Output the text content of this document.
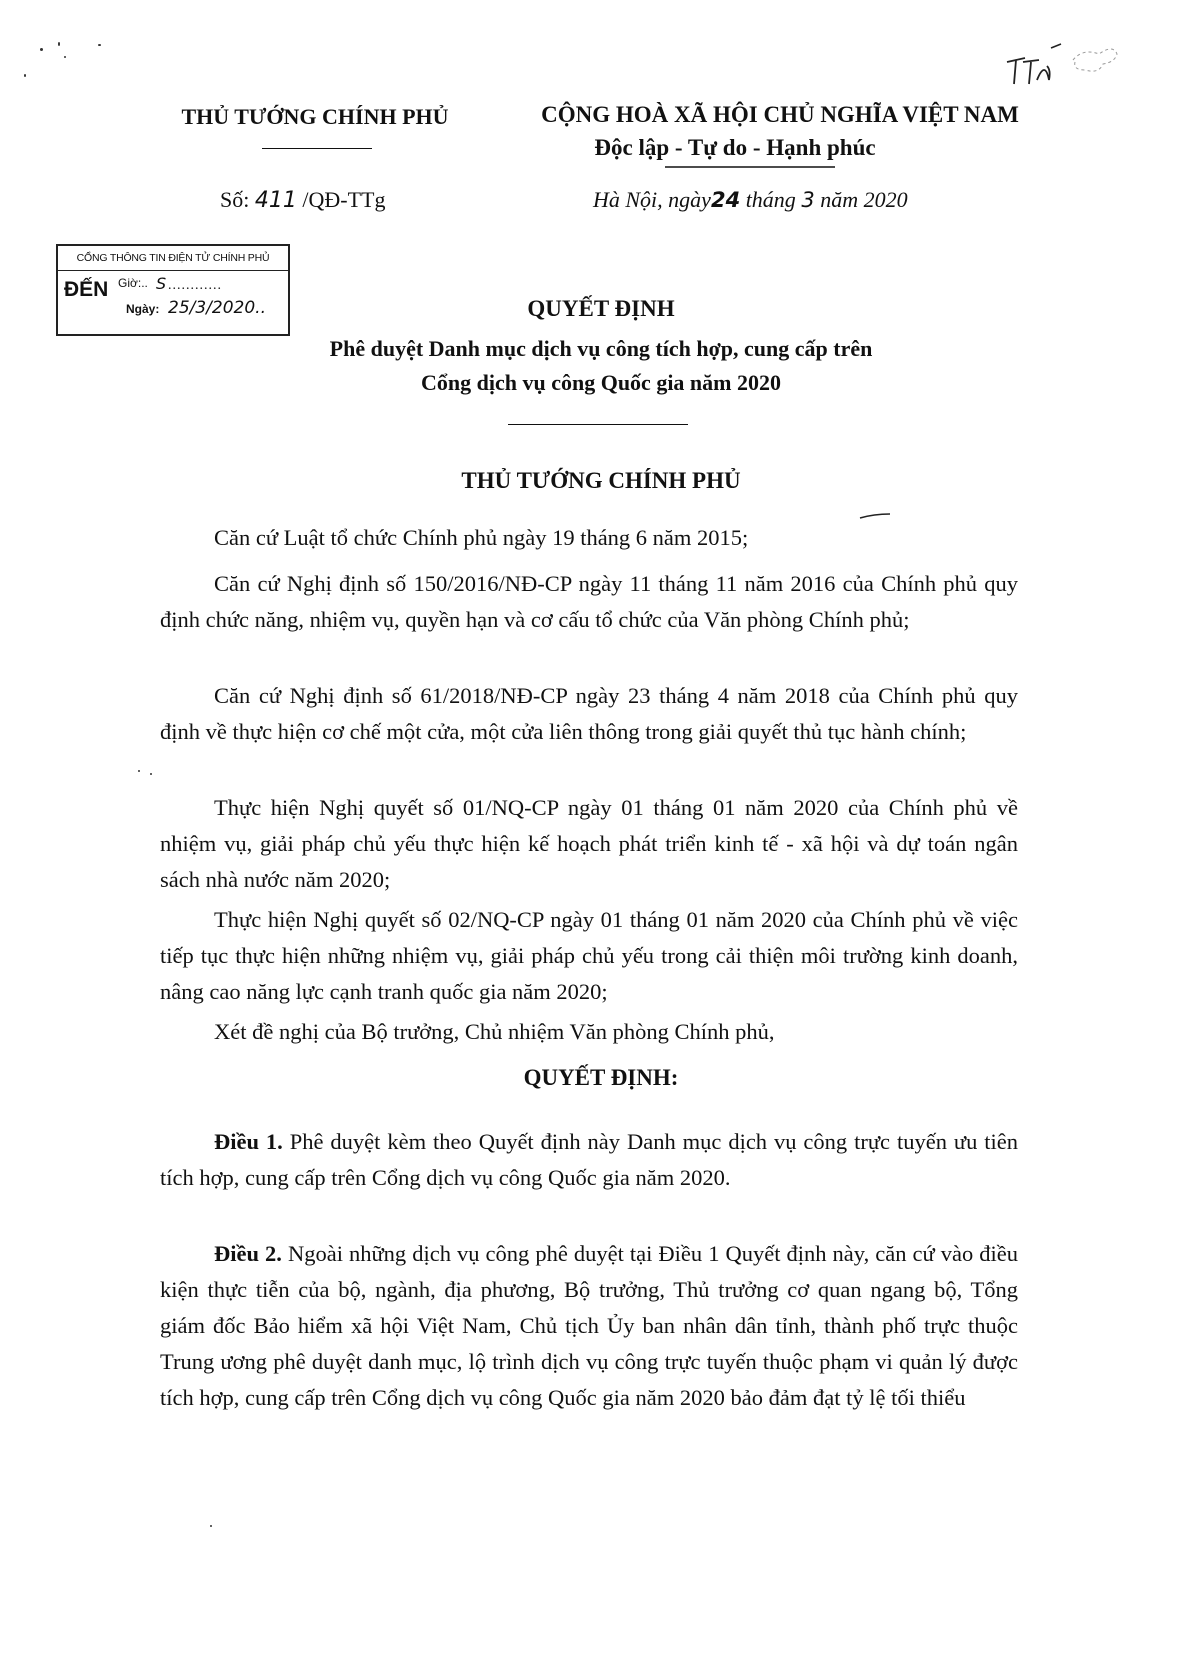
THỦ TƯỚNG CHÍNH PHỦ	CỘNG HOÀ XÃ HỘI CHỦ NGHĨA VIỆT NAM
Độc lập - Tự do - Hạnh phúc
Số: 411 /QĐ-TTg	Hà Nội, ngày24 tháng 3 năm 2020
CỔNG THÔNG TIN ĐIỆN TỬ CHÍNH PHỦ
ĐẾN Giờ:.. S ............
Ngày: 25/3/2020..	QUYẾT ĐỊNH
Phê duyệt Danh mục dịch vụ công tích hợp, cung cấp trên
Cổng dịch vụ công Quốc gia năm 2020
THỦ TƯỚNG CHÍNH PHỦ
Căn cứ Luật tổ chức Chính phủ ngày 19 tháng 6 năm 2015;
Căn cứ Nghị định số 150/2016/NĐ-CP ngày 11 tháng 11 năm 2016 của Chính phủ quy định chức năng, nhiệm vụ, quyền hạn và cơ cấu tổ chức của Văn phòng Chính phủ;
Căn cứ Nghị định số 61/2018/NĐ-CP ngày 23 tháng 4 năm 2018 của Chính phủ quy định về thực hiện cơ chế một cửa, một cửa liên thông trong giải quyết thủ tục hành chính;
Thực hiện Nghị quyết số 01/NQ-CP ngày 01 tháng 01 năm 2020 của Chính phủ về nhiệm vụ, giải pháp chủ yếu thực hiện kế hoạch phát triển kinh tế - xã hội và dự toán ngân sách nhà nước năm 2020;
Thực hiện Nghị quyết số 02/NQ-CP ngày 01 tháng 01 năm 2020 của Chính phủ về việc tiếp tục thực hiện những nhiệm vụ, giải pháp chủ yếu trong cải thiện môi trường kinh doanh, nâng cao năng lực cạnh tranh quốc gia năm 2020;
Xét đề nghị của Bộ trưởng, Chủ nhiệm Văn phòng Chính phủ,
QUYẾT ĐỊNH:
Điều 1. Phê duyệt kèm theo Quyết định này Danh mục dịch vụ công trực tuyến ưu tiên tích hợp, cung cấp trên Cổng dịch vụ công Quốc gia năm 2020.
Điều 2. Ngoài những dịch vụ công phê duyệt tại Điều 1 Quyết định này, căn cứ vào điều kiện thực tiễn của bộ, ngành, địa phương, Bộ trưởng, Thủ trưởng cơ quan ngang bộ, Tổng giám đốc Bảo hiểm xã hội Việt Nam, Chủ tịch Ủy ban nhân dân tỉnh, thành phố trực thuộc Trung ương phê duyệt danh mục, lộ trình dịch vụ công trực tuyến thuộc phạm vi quản lý được tích hợp, cung cấp trên Cổng dịch vụ công Quốc gia năm 2020 bảo đảm đạt tỷ lệ tối thiểu
